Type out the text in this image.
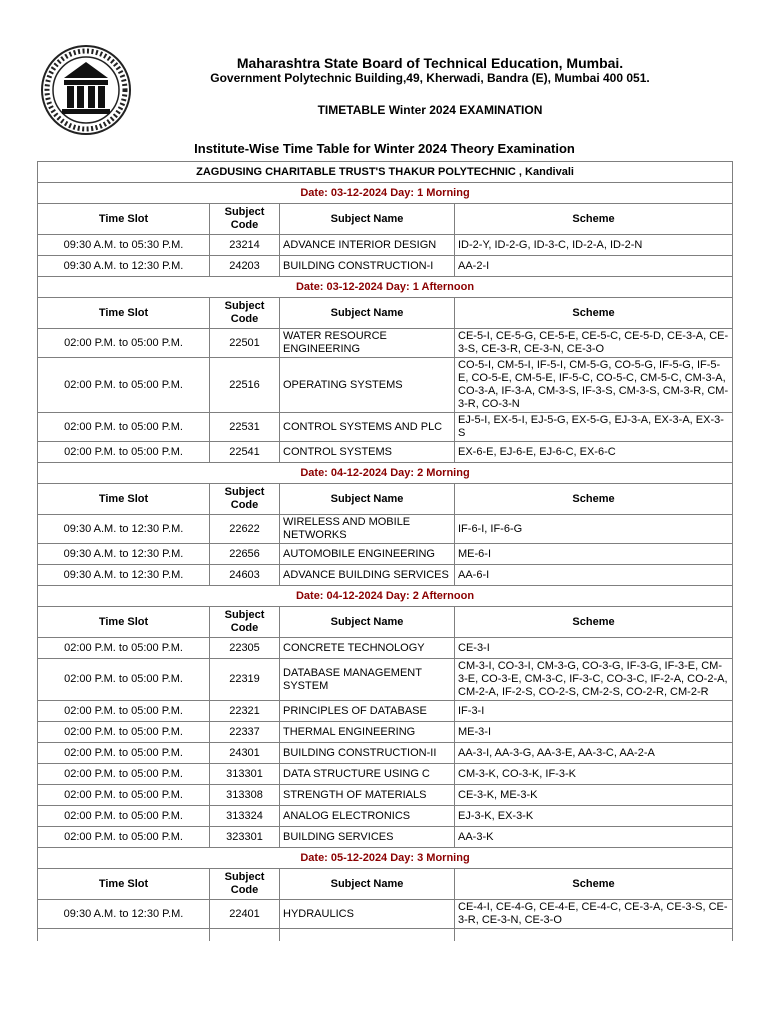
Maharashtra State Board of Technical Education, Mumbai.
Government Polytechnic Building,49, Kherwadi, Bandra (E), Mumbai 400 051.
TIMETABLE Winter 2024 EXAMINATION
Institute-Wise Time Table for Winter 2024 Theory Examination
ZAGDUSING CHARITABLE TRUST'S THAKUR POLYTECHNIC , Kandivali			
Date: 03-12-2024 Day: 1 Morning			
Time Slot	Subject Code	Subject Name	Scheme
09:30 A.M. to 05:30 P.M.	23214	ADVANCE INTERIOR DESIGN	ID-2-Y, ID-2-G, ID-3-C, ID-2-A, ID-2-N
09:30 A.M. to 12:30 P.M.	24203	BUILDING CONSTRUCTION-I	AA-2-I
Date: 03-12-2024 Day: 1 Afternoon			
Time Slot	Subject Code	Subject Name	Scheme
02:00 P.M. to 05:00 P.M.	22501	WATER RESOURCE ENGINEERING	CE-5-I, CE-5-G, CE-5-E, CE-5-C, CE-5-D, CE-3-A, CE-3-S, CE-3-R, CE-3-N, CE-3-O
02:00 P.M. to 05:00 P.M.	22516	OPERATING SYSTEMS	CO-5-I, CM-5-I, IF-5-I, CM-5-G, CO-5-G, IF-5-G, IF-5-E, CO-5-E, CM-5-E, IF-5-C, CO-5-C, CM-5-C, CM-3-A, CO-3-A, IF-3-A, CM-3-S, IF-3-S, CM-3-S, CM-3-R, CM-3-R, CO-3-N
02:00 P.M. to 05:00 P.M.	22531	CONTROL SYSTEMS AND PLC	EJ-5-I, EX-5-I, EJ-5-G, EX-5-G, EJ-3-A, EX-3-A, EX-3-S
02:00 P.M. to 05:00 P.M.	22541	CONTROL SYSTEMS	EX-6-E, EJ-6-E, EJ-6-C, EX-6-C
Date: 04-12-2024 Day: 2 Morning			
Time Slot	Subject Code	Subject Name	Scheme
09:30 A.M. to 12:30 P.M.	22622	WIRELESS AND MOBILE NETWORKS	IF-6-I, IF-6-G
09:30 A.M. to 12:30 P.M.	22656	AUTOMOBILE ENGINEERING	ME-6-I
09:30 A.M. to 12:30 P.M.	24603	ADVANCE BUILDING SERVICES	AA-6-I
Date: 04-12-2024 Day: 2 Afternoon			
Time Slot	Subject Code	Subject Name	Scheme
02:00 P.M. to 05:00 P.M.	22305	CONCRETE TECHNOLOGY	CE-3-I
02:00 P.M. to 05:00 P.M.	22319	DATABASE MANAGEMENT SYSTEM	CM-3-I, CO-3-I, CM-3-G, CO-3-G, IF-3-G, IF-3-E, CM-3-E, CO-3-E, CM-3-C, IF-3-C, CO-3-C, IF-2-A, CO-2-A, CM-2-A, IF-2-S, CO-2-S, CM-2-S, CO-2-R, CM-2-R
02:00 P.M. to 05:00 P.M.	22321	PRINCIPLES OF DATABASE	IF-3-I
02:00 P.M. to 05:00 P.M.	22337	THERMAL ENGINEERING	ME-3-I
02:00 P.M. to 05:00 P.M.	24301	BUILDING CONSTRUCTION-II	AA-3-I, AA-3-G, AA-3-E, AA-3-C, AA-2-A
02:00 P.M. to 05:00 P.M.	313301	DATA STRUCTURE USING C	CM-3-K, CO-3-K, IF-3-K
02:00 P.M. to 05:00 P.M.	313308	STRENGTH OF MATERIALS	CE-3-K, ME-3-K
02:00 P.M. to 05:00 P.M.	313324	ANALOG ELECTRONICS	EJ-3-K, EX-3-K
02:00 P.M. to 05:00 P.M.	323301	BUILDING SERVICES	AA-3-K
Date: 05-12-2024 Day: 3 Morning			
Time Slot	Subject Code	Subject Name	Scheme
09:30 A.M. to 12:30 P.M.	22401	HYDRAULICS	CE-4-I, CE-4-G, CE-4-E, CE-4-C, CE-3-A, CE-3-S, CE-3-R, CE-3-N, CE-3-O
